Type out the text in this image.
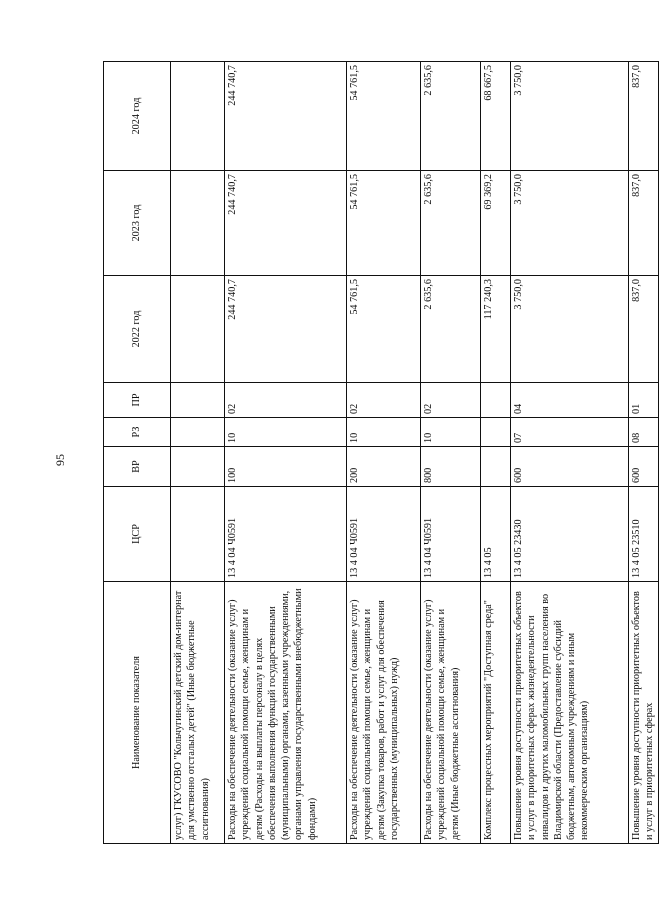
95
Наименование показателя	ЦСР	ВР	РЗ	ПР	2022 год	2023 год	2024 год
услуг) ГКУСОВО "Кольчугинский детский дом-интернат для умственно отсталых детей" (Иные бюджетные ассигнования)							
Расходы на обеспечение деятельности (оказание услуг) учреждений социальной помощи семье, женщинам и детям (Расходы на выплаты персоналу в целях обеспечения выполнения функций государственными (муниципальными) органами, казенными учреждениями, органами управления государственными внебюджетными фондами)	13 4 04 Ч0591	100	10	02	244 740,7	244 740,7	244 740,7
Расходы на обеспечение деятельности (оказание услуг) учреждений социальной помощи семье, женщинам и детям (Закупка товаров, работ и услуг для обеспечения государственных (муниципальных) нужд)	13 4 04 Ч0591	200	10	02	54 761,5	54 761,5	54 761,5
Расходы на обеспечение деятельности (оказание услуг) учреждений социальной помощи семье, женщинам и детям (Иные бюджетные ассигнования)	13 4 04 Ч0591	800	10	02	2 635,6	2 635,6	2 635,6
Комплекс процессных мероприятий "Доступная среда"	13 4 05				117 240,3	69 369,2	68 667,5
Повышение уровня доступности приоритетных объектов и услуг в приоритетных сферах жизнедеятельности инвалидов и других маломобильных групп населения во Владимирской области (Предоставление субсидий бюджетным, автономным учреждениям и иным некоммерческим организациям)	13 4 05 23430	600	07	04	3 750,0	3 750,0	3 750,0
Повышение уровня доступности приоритетных объектов и услуг в приоритетных сферах	13 4 05 23510	600	08	01	837,0	837,0	837,0
